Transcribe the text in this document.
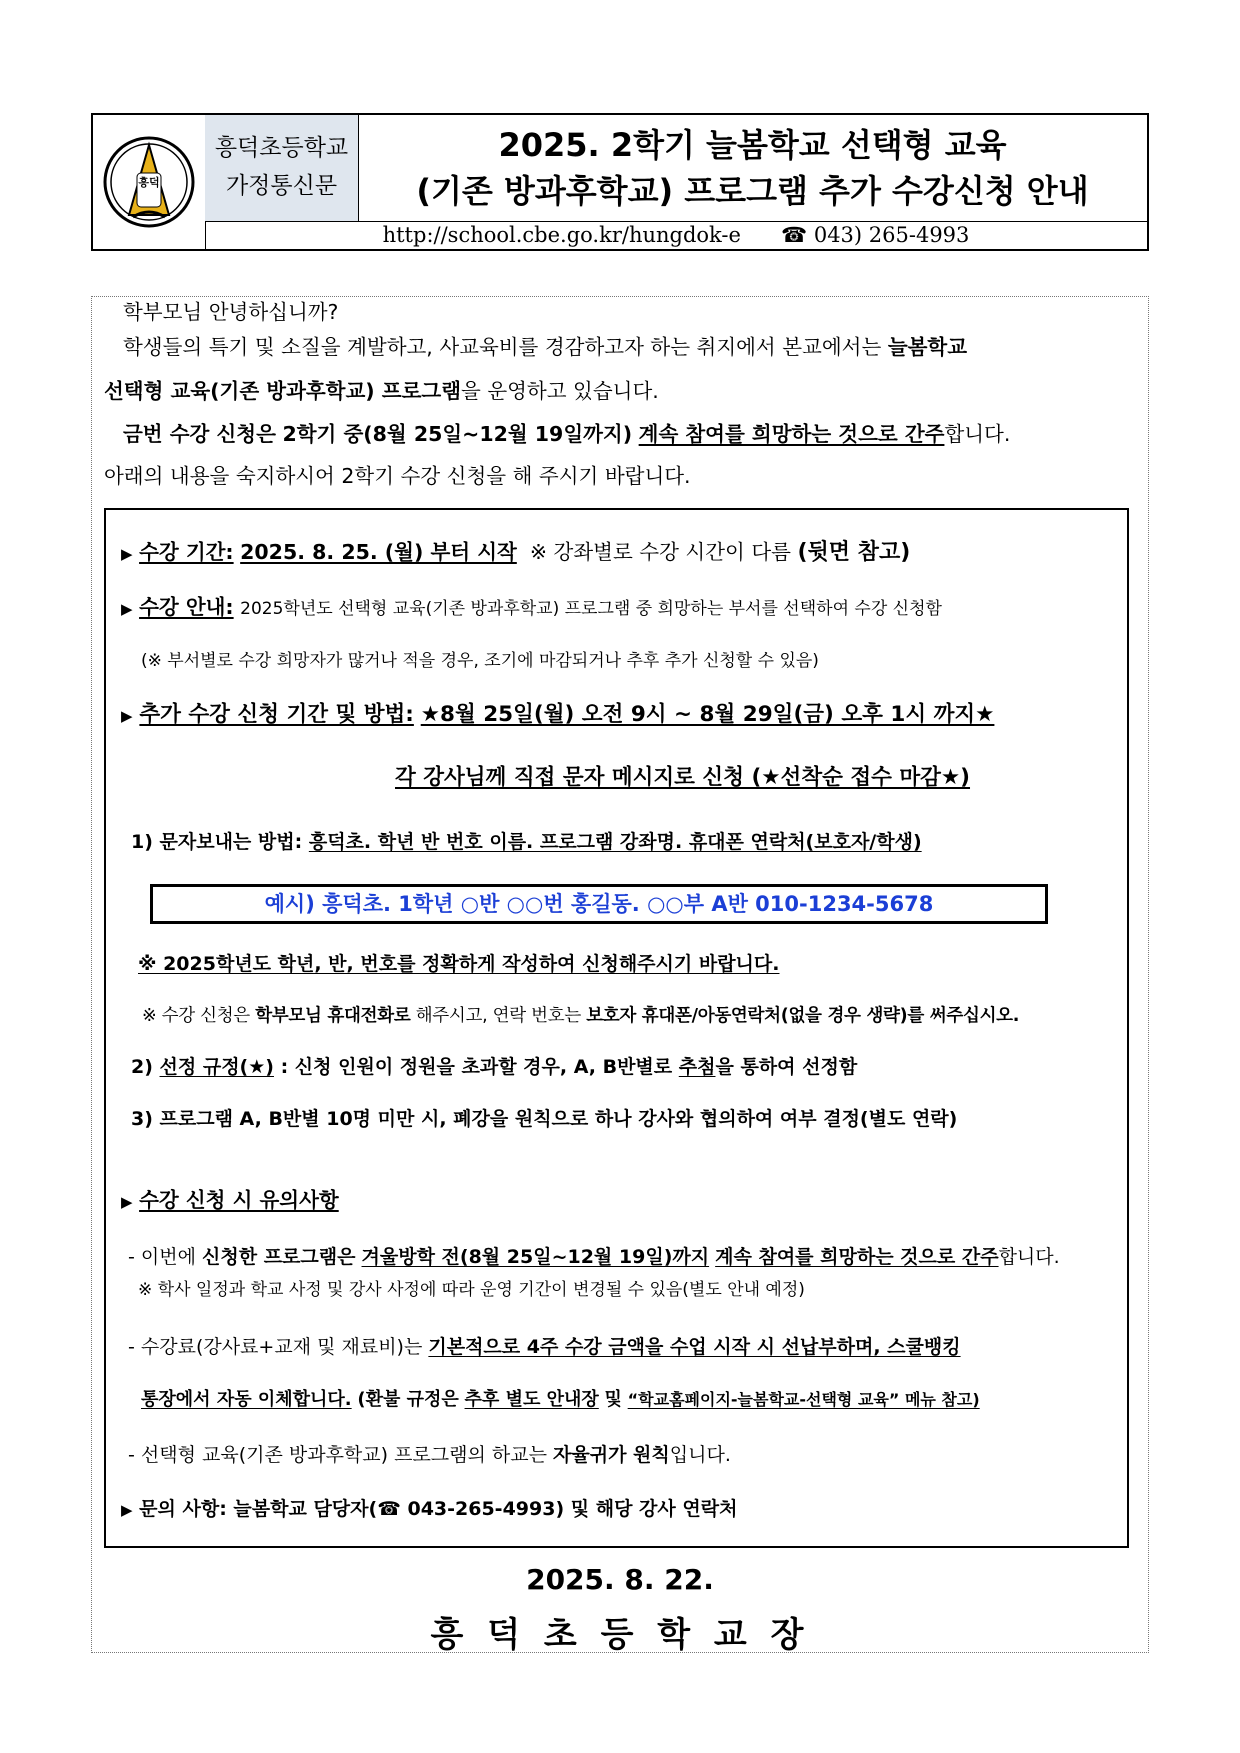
흥덕
흥덕초등학교
가정통신문
2025. 2학기 늘봄학교 선택형 교육
(기존 방과후학교) 프로그램 추가 수강신청 안내
http://school.cbe.go.kr/hungdok-e ☎ 043) 265-4993
학부모님 안녕하십니까?
학생들의 특기 및 소질을 계발하고, 사교육비를 경감하고자 하는 취지에서 본교에서는 늘봄학교
선택형 교육(기존 방과후학교) 프로그램을 운영하고 있습니다.
금번 수강 신청은 2학기 중(8월 25일~12월 19일까지) 계속 참여를 희망하는 것으로 간주합니다.
아래의 내용을 숙지하시어 2학기 수강 신청을 해 주시기 바랍니다.
▶ 수강 기간: 2025. 8. 25. (월) 부터 시작 ※ 강좌별로 수강 시간이 다름 (뒷면 참고)
▶ 수강 안내: 2025학년도 선택형 교육(기존 방과후학교) 프로그램 중 희망하는 부서를 선택하여 수강 신청함
(※ 부서별로 수강 희망자가 많거나 적을 경우, 조기에 마감되거나 추후 추가 신청할 수 있음)
▶ 추가 수강 신청 기간 및 방법: ★8월 25일(월) 오전 9시 ~ 8월 29일(금) 오후 1시 까지★
각 강사님께 직접 문자 메시지로 신청 (★선착순 접수 마감★)
1) 문자보내는 방법: 흥덕초. 학년 반 번호 이름. 프로그램 강좌명. 휴대폰 연락처(보호자/학생)
예시) 흥덕초. 1학년 ○반 ○○번 홍길동. ○○부 A반 010-1234-5678
※ 2025학년도 학년, 반, 번호를 정확하게 작성하여 신청해주시기 바랍니다.
※ 수강 신청은 학부모님 휴대전화로 해주시고, 연락 번호는 보호자 휴대폰/아동연락처(없을 경우 생략)를 써주십시오.
2) 선정 규정(★) : 신청 인원이 정원을 초과할 경우, A, B반별로 추첨을 통하여 선정함
3) 프로그램 A, B반별 10명 미만 시, 폐강을 원칙으로 하나 강사와 협의하여 여부 결정(별도 연락)
▶ 수강 신청 시 유의사항
- 이번에 신청한 프로그램은 겨울방학 전(8월 25일~12월 19일)까지 계속 참여를 희망하는 것으로 간주합니다.
※ 학사 일정과 학교 사정 및 강사 사정에 따라 운영 기간이 변경될 수 있음(별도 안내 예정)
- 수강료(강사료+교재 및 재료비)는 기본적으로 4주 수강 금액을 수업 시작 시 선납부하며, 스쿨뱅킹
통장에서 자동 이체합니다. (환불 규정은 추후 별도 안내장 및 “학교홈페이지-늘봄학교-선택형 교육” 메뉴 참고)
- 선택형 교육(기존 방과후학교) 프로그램의 하교는 자율귀가 원칙입니다.
▶ 문의 사항: 늘봄학교 담당자(☎ 043-265-4993) 및 해당 강사 연락처
2025. 8. 22.
흥 덕 초 등 학 교 장
